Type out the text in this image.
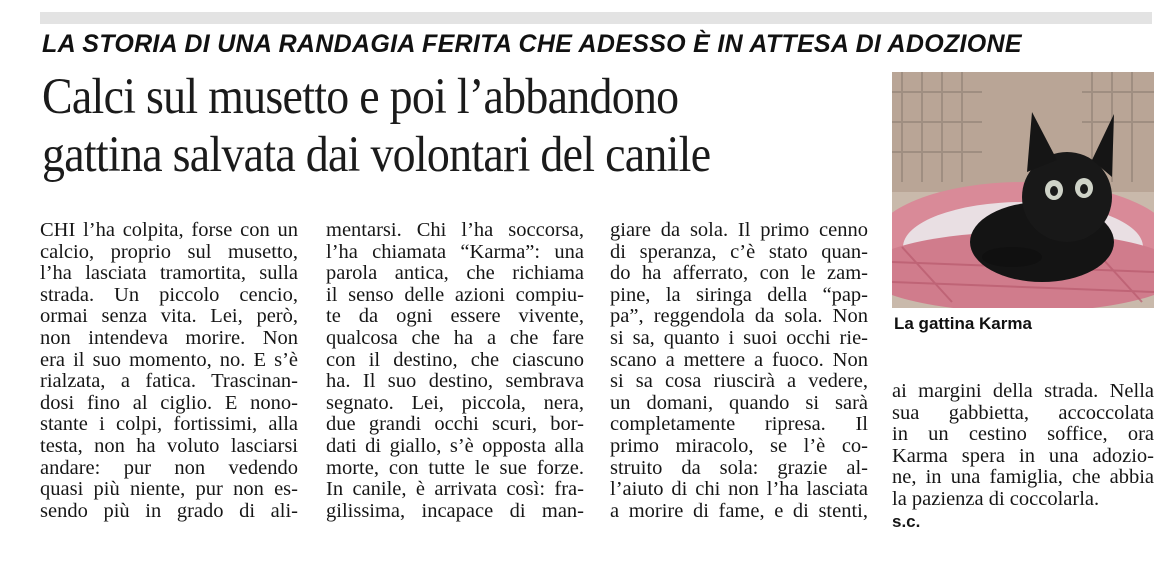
LA STORIA DI UNA RANDAGIA FERITA CHE ADESSO È IN ATTESA DI ADOZIONE
Calci sul musetto e poi l’abbandono
gattina salvata dai volontari del canile
La gattina Karma
CHI l’ha colpita, forse con un
calcio, proprio sul musetto,
l’ha lasciata tramortita, sulla
strada. Un piccolo cencio,
ormai senza vita. Lei, però,
non intendeva morire. Non
era il suo momento, no. E s’è
rialzata, a fatica. Trascinan-
dosi fino al ciglio. E nono-
stante i colpi, fortissimi, alla
testa, non ha voluto lasciarsi
andare: pur non vedendo
quasi più niente, pur non es-
sendo più in grado di ali-
mentarsi. Chi l’ha soccorsa,
l’ha chiamata “Karma”: una
parola antica, che richiama
il senso delle azioni compiu-
te da ogni essere vivente,
qualcosa che ha a che fare
con il destino, che ciascuno
ha. Il suo destino, sembrava
segnato. Lei, piccola, nera,
due grandi occhi scuri, bor-
dati di giallo, s’è opposta alla
morte, con tutte le sue forze.
In canile, è arrivata così: fra-
gilissima, incapace di man-
giare da sola. Il primo cenno
di speranza, c’è stato quan-
do ha afferrato, con le zam-
pine, la siringa della “pap-
pa”, reggendola da sola. Non
si sa, quanto i suoi occhi rie-
scano a mettere a fuoco. Non
si sa cosa riuscirà a vedere,
un domani, quando si sarà
completamente ripresa. Il
primo miracolo, se l’è co-
struito da sola: grazie al-
l’aiuto di chi non l’ha lasciata
a morire di fame, e di stenti,
ai margini della strada. Nella
sua gabbietta, accoccolata
in un cestino soffice, ora
Karma spera in una adozio-
ne, in una famiglia, che abbia
la pazienza di coccolarla.
s.c.
